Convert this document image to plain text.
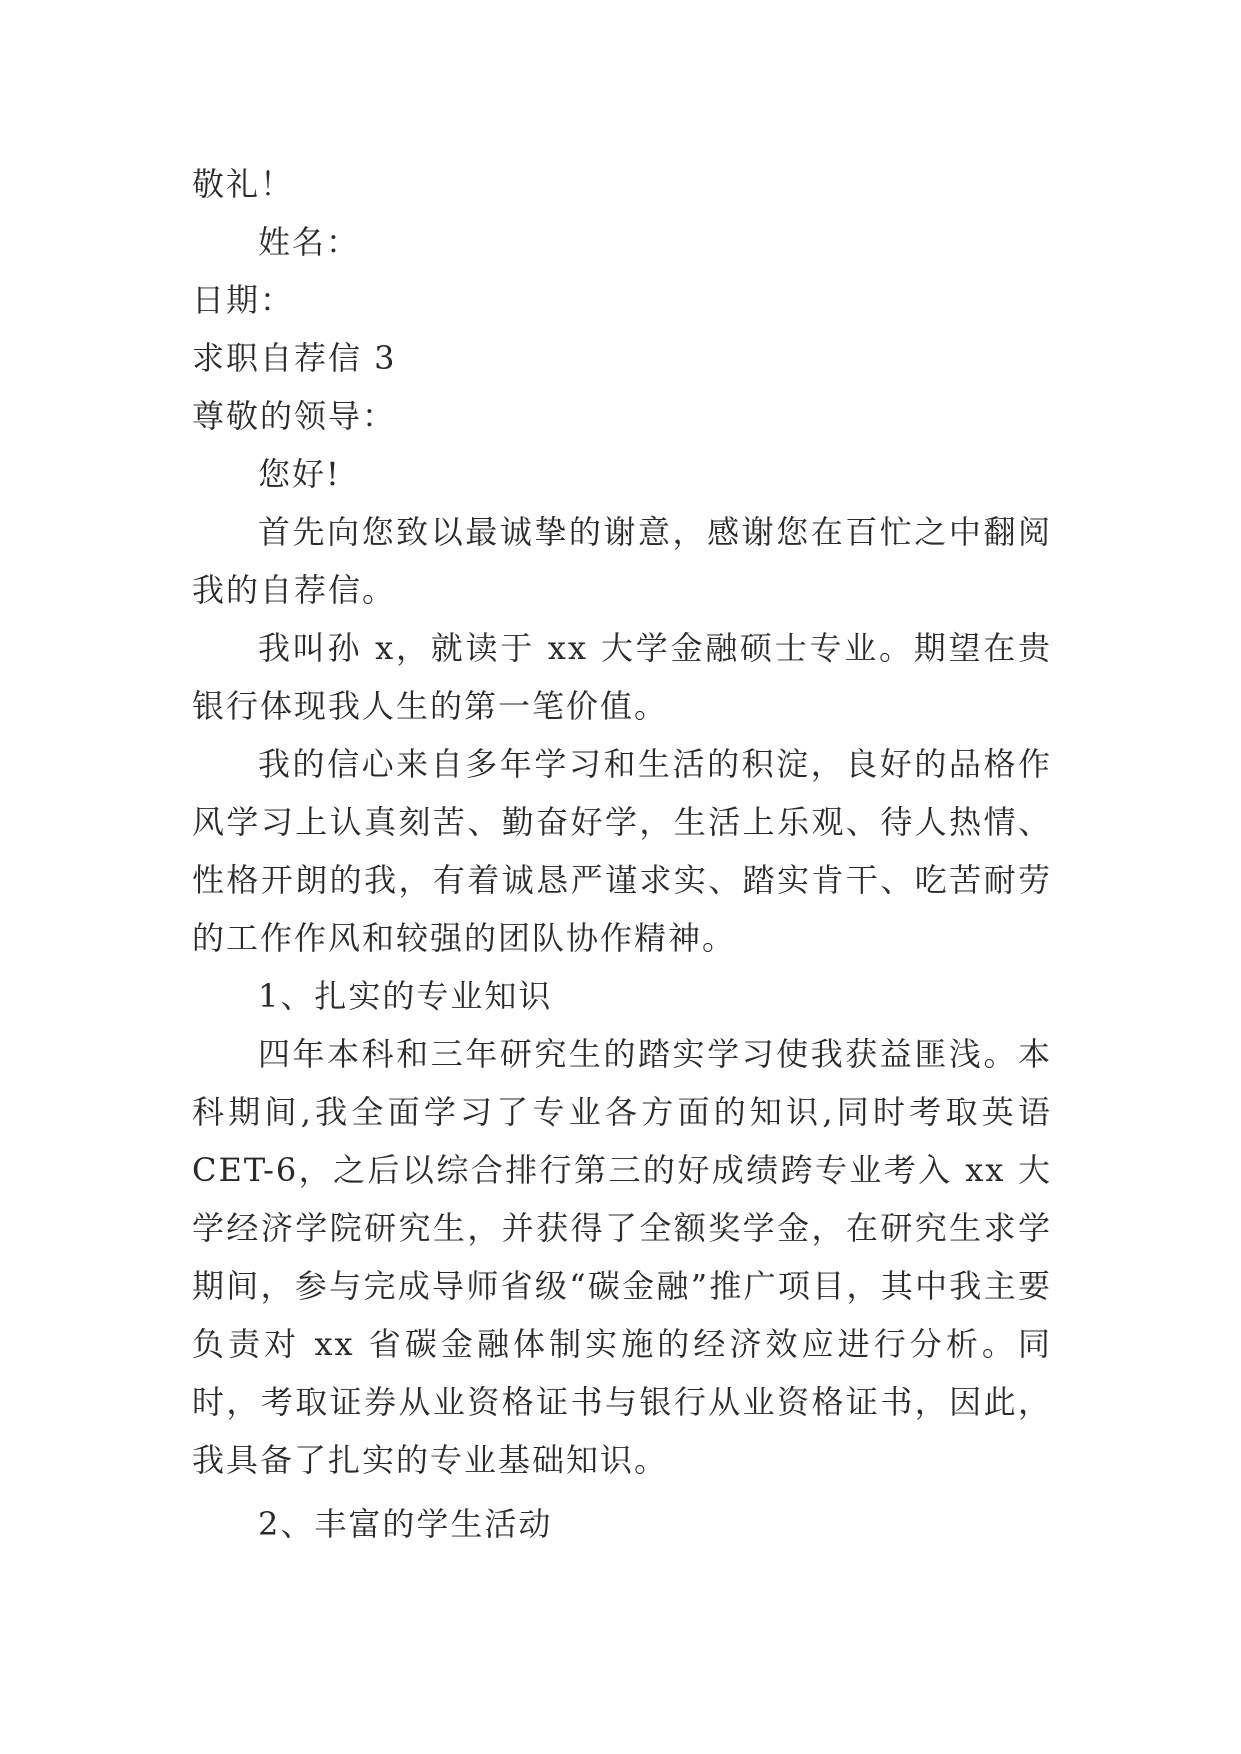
敬礼！
姓名：
日期：
求职自荐信 3
尊敬的领导：
您好!

首先向您致以最诚挚的谢意，感谢您在百忙之中翻阅我的自荐信。

我叫孙 x，就读于 xx 大学金融硕士专业。期望在贵银行体现我人生的第一笔价值。

我的信心来自多年学习和生活的积淀，良好的品格作风学习上认真刻苦、勤奋好学，生活上乐观、待人热情、性格开朗的我，有着诚恳严谨求实、踏实肯干、吃苦耐劳的工作作风和较强的团队协作精神。

1、扎实的专业知识

四年本科和三年研究生的踏实学习使我获益匪浅。本科期间,我全面学习了专业各方面的知识,同时考取英语CET-6，之后以综合排行第三的好成绩跨专业考入 xx 大学经济学院研究生，并获得了全额奖学金，在研究生求学期间，参与完成导师省级“碳金融”推广项目，其中我主要负责对 xx 省碳金融体制实施的经济效应进行分析。同时，考取证券从业资格证书与银行从业资格证书，因此，我具备了扎实的专业基础知识。

2、丰富的学生活动
